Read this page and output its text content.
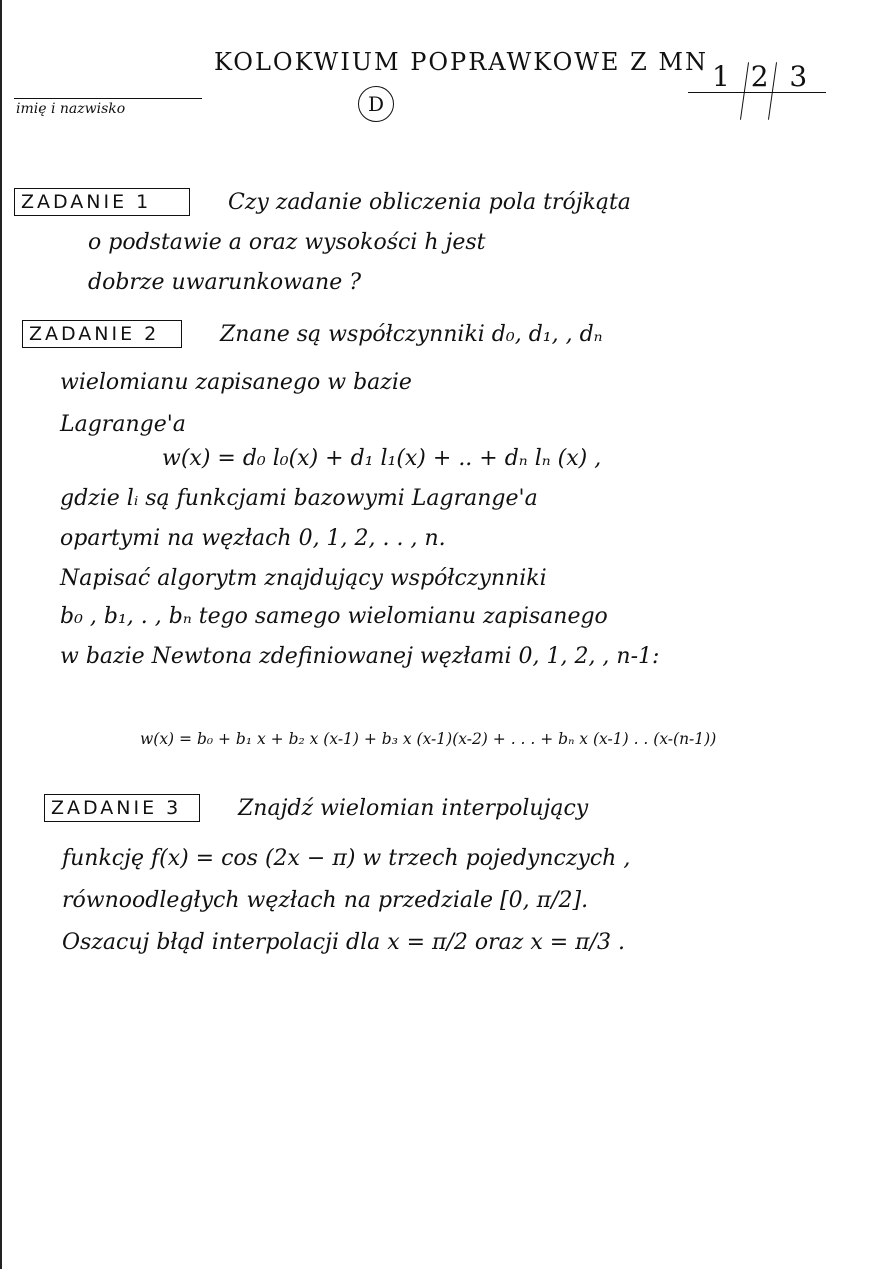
KOLOKWIUM POPRAWKOWE Z MN
D
1 2 3
imię i nazwisko
ZADANIE 1	Czy zadanie obliczenia pola trójkąta
o podstawie a oraz wysokości h jest
dobrze uwarunkowane ?
ZADANIE 2	Znane są współczynniki d₀, d₁, , dₙ
wielomianu zapisanego w bazie
Lagrange'a
w(x) = d₀ l₀(x) + d₁ l₁(x) + .. + dₙ lₙ (x) ,
gdzie lᵢ są funkcjami bazowymi Lagrange'a
opartymi na węzłach 0, 1, 2, . . , n.
Napisać algorytm znajdujący współczynniki
b₀ , b₁, . , bₙ tego samego wielomianu zapisanego
w bazie Newtona zdefiniowanej węzłami 0, 1, 2, , n-1:
w(x) = b₀ + b₁ x + b₂ x (x-1) + b₃ x (x-1)(x-2) + . . . + bₙ x (x-1) . . (x-(n-1))
ZADANIE 3	Znajdź wielomian interpolujący
funkcję f(x) = cos (2x − π) w trzech pojedynczych ,
równoodległych węzłach na przedziale [0, π/2].
Oszacuj błąd interpolacji dla x = π/2 oraz x = π/3 .
